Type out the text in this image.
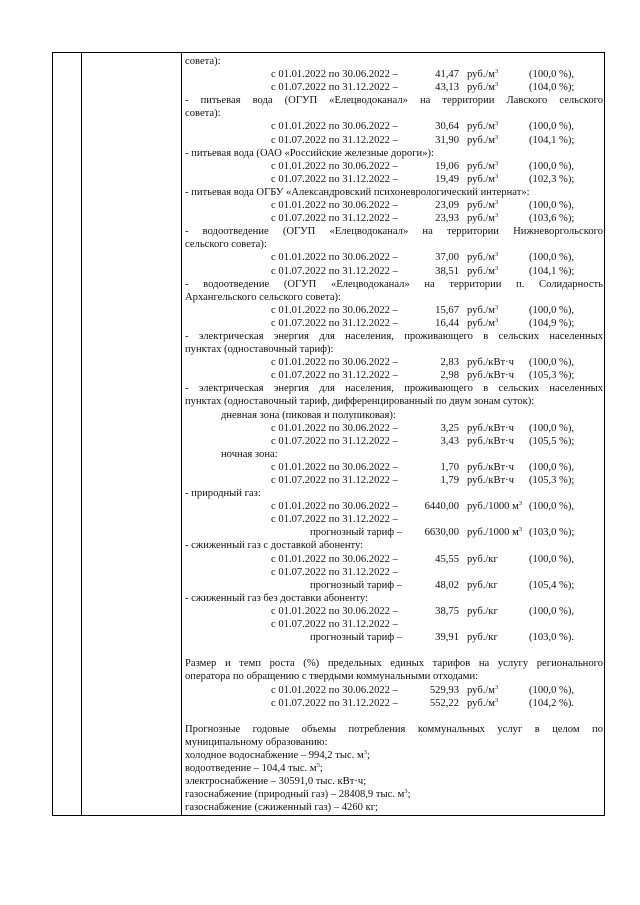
совета):
с 01.01.2022 по 30.06.2022 –	41,47 $руб./м^3$	(100,0 %),
с 01.07.2022 по 31.12.2022 –	43,13 $руб./м^3$	(104,0 %);
- питьевая вода (ОГУП «Елецводоканал» на территории Лавского сельского
совета):
с 01.01.2022 по 30.06.2022 –	30,64 $руб./м^3$	(100,0 %),
с 01.07.2022 по 31.12.2022 –	31,90 $руб./м^3$	(104,1 %);
- питьевая вода (ОАО «Российские железные дороги»):
с 01.01.2022 по 30.06.2022 –	19,06 $руб./м^3$	(100,0 %),
с 01.07.2022 по 31.12.2022 –	19,49 $руб./м^3$	(102,3 %);
- питьевая вода ОГБУ «Александровский психоневрологический интернат»:
с 01.01.2022 по 30.06.2022 –	23,09 $руб./м^3$	(100,0 %),
с 01.07.2022 по 31.12.2022 –	23,93 $руб./м^3$	(103,6 %);
- водоотведение (ОГУП «Елецводоканал» на территории Нижневоргольского
сельского совета):
с 01.01.2022 по 30.06.2022 –	37,00 $руб./м^3$	(100,0 %),
с 01.07.2022 по 31.12.2022 –	38,51 $руб./м^3$	(104,1 %);
- водоотведение (ОГУП «Елецводоканал» на территории п. Солидарность
Архангельского сельского совета):
с 01.01.2022 по 30.06.2022 –	15,67 $руб./м^3$	(100,0 %),
с 01.07.2022 по 31.12.2022 –	16,44 $руб./м^3$	(104,9 %);
- электрическая энергия для населения, проживающего в сельских населенных
пунктах (одноставочный тариф):
с 01.01.2022 по 30.06.2022 –	2,83 руб./кВт·ч (100,0 %),
с 01.07.2022 по 31.12.2022 –	2,98 руб./кВт·ч (105,3 %);
- электрическая энергия для населения, проживающего в сельских населенных
пунктах (одноставочный тариф, дифференцированный по двум зонам суток):
дневная зона (пиковая и полупиковая):
с 01.01.2022 по 30.06.2022 –	3,25 руб./кВт·ч (100,0 %),
с 01.07.2022 по 31.12.2022 –	3,43 руб./кВт·ч (105,5 %);
ночная зона:
с 01.01.2022 по 30.06.2022 –	1,70 руб./кВт·ч (100,0 %),
с 01.07.2022 по 31.12.2022 –	1,79 руб./кВт·ч (105,3 %);
- природный газ:
с 01.01.2022 по 30.06.2022 –	6440,00 руб./1000 $м^3$ (100,0 %),
с 01.07.2022 по 31.12.2022 –
прогнозный тариф –	6630,00 руб./1000 $м^3$ (103,0 %);
- сжиженный газ с доставкой абоненту:
с 01.01.2022 по 30.06.2022 –	45,55 руб./кг	(100,0 %),
с 01.07.2022 по 31.12.2022 –
прогнозный тариф –	48,02 руб./кг	(105,4 %);
- сжиженный газ без доставки абоненту:
с 01.01.2022 по 30.06.2022 –	38,75 руб./кг	(100,0 %),
с 01.07.2022 по 31.12.2022 –
прогнозный тариф –	39,91 руб./кг	(103,0 %).
Размер и темп роста (%) предельных единых тарифов на услугу регионального
оператора по обращению с твердыми коммунальными отходами:
с 01.01.2022 по 30.06.2022 –	529,93 $руб./м^3$	(100,0 %),
с 01.07.2022 по 31.12.2022 –	552,22 $руб./м^3$	(104,2 %).
Прогнозные годовые объемы потребления коммунальных услуг в целом по
муниципальному образованию:
холодное водоснабжение – 994,2 тыс. $м^3$;
водоотведение – 104,4 тыс. $м^3$;
электроснабжение – 30591,0 тыс. кВт·ч;
газоснабжение (природный газ) – 28408,9 тыс. $м^3$;
газоснабжение (сжиженный газ) – 4260 кг;
